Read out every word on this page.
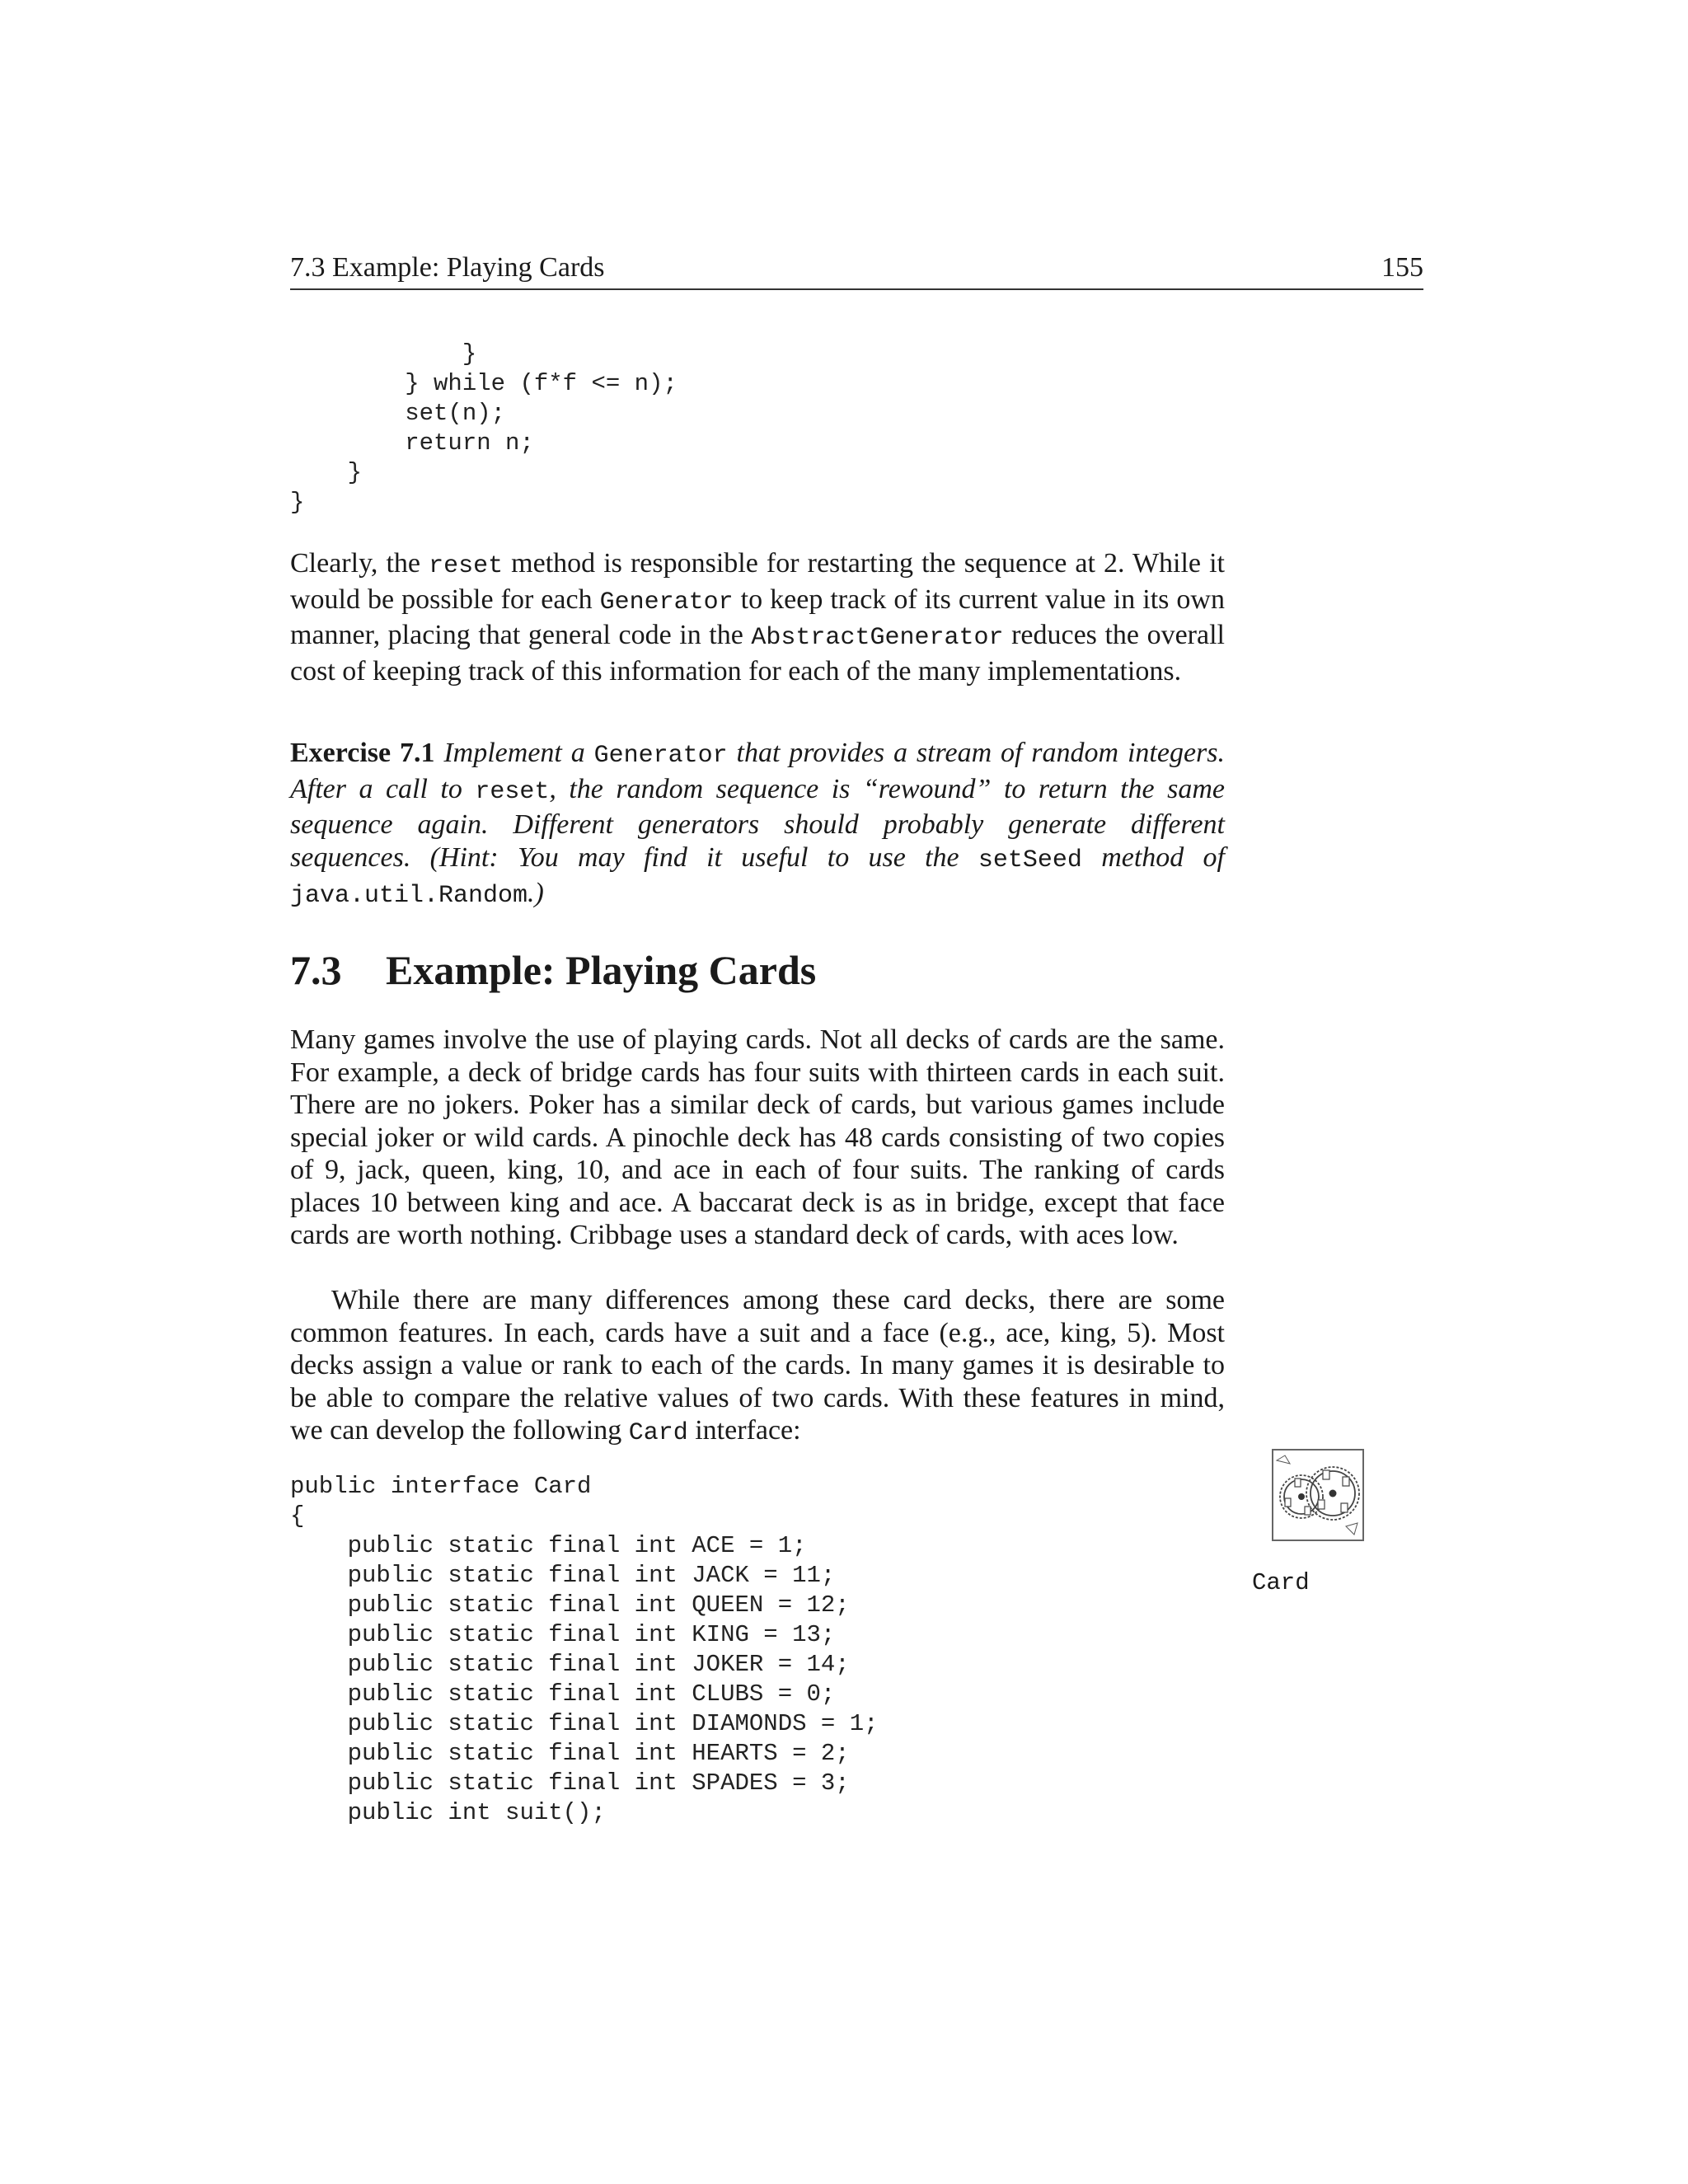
7.3 Example: Playing Cards	155
}
} while (f*f <= n);
set(n);
return n;
}
}

Clearly, the reset method is responsible for restarting the sequence at 2. While it would be possible for each Generator to keep track of its current value in its own manner, placing that general code in the AbstractGenerator reduces the overall cost of keeping track of this information for each of the many implementations.

Exercise 7.1 Implement a Generator that provides a stream of random integers. After a call to reset, the random sequence is “rewound” to return the same sequence again. Different generators should probably generate different sequences. (Hint: You may find it useful to use the setSeed method of java.util.Random.)

7.3 Example: Playing Cards

Many games involve the use of playing cards. Not all decks of cards are the same. For example, a deck of bridge cards has four suits with thirteen cards in each suit. There are no jokers. Poker has a similar deck of cards, but various games include special joker or wild cards. A pinochle deck has 48 cards consisting of two copies of 9, jack, queen, king, 10, and ace in each of four suits. The ranking of cards places 10 between king and ace. A baccarat deck is as in bridge, except that face cards are worth nothing. Cribbage uses a standard deck of cards, with aces low.

While there are many differences among these card decks, there are some common features. In each, cards have a suit and a face (e.g., ace, king, 5). Most decks assign a value or rank to each of the cards. In many games it is desirable to be able to compare the relative values of two cards. With these features in mind, we can develop the following Card interface:

public interface Card
{
public static final int ACE = 1;
public static final int JACK = 11;
public static final int QUEEN = 12;
public static final int KING = 13;
public static final int JOKER = 14;
public static final int CLUBS = 0;
public static final int DIAMONDS = 1;
public static final int HEARTS = 2;
public static final int SPADES = 3;
public int suit();
Card
